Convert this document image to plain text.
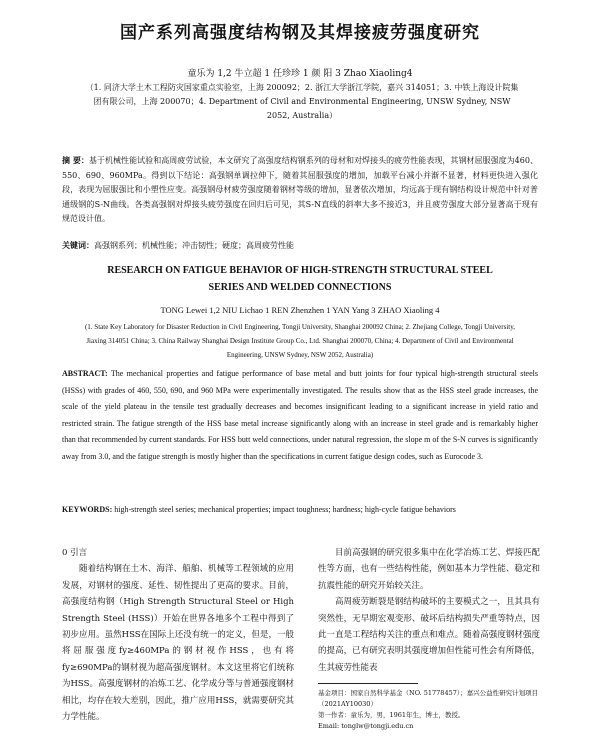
国产系列高强度结构钢及其焊接疲劳强度研究
童乐为 1,2 牛立超 1 任珍珍 1 颜 阳 3 Zhao Xiaoling4
（1. 同济大学土木工程防灾国家重点实验室，上海 200092；2. 浙江大学浙江学院，嘉兴 314051；3. 中铁上海设计院集团有限公司，上海 200070；4. Department of Civil and Environmental Engineering, UNSW Sydney, NSW 2052, Australia）
摘 要：基于机械性能试验和高周疲劳试验，本文研究了高强度结构钢系列的母材和对焊接头的疲劳性能表现，其钢材屈服强度为460、550、690、960MPa。得到以下结论：高强钢单调拉伸下，随着其屈服强度的增加，加载平台减小并渐不显著，材料更快进入强化段，表现为屈服强比和小塑性应变。高强钢母材疲劳强度随着钢材等级的增加，显著依次增加，均远高于现有钢结构设计规范中针对普通级钢的S-N曲线。各类高强钢对焊接头疲劳强度在回归后可见，其S-N直线的斜率大多不接近3，并且疲劳强度大部分显著高于现有规范设计值。
关键词：高强钢系列；机械性能；冲击韧性；硬度；高周疲劳性能
RESEARCH ON FATIGUE BEHAVIOR OF HIGH-STRENGTH STRUCTURAL STEEL SERIES AND WELDED CONNECTIONS
TONG Lewei 1,2 NIU Lichao 1 REN Zhenzhen 1 YAN Yang 3 ZHAO Xiaoling 4
(1. State Key Laboratory for Disaster Reduction in Civil Engineering, Tongji University, Shanghai 200092 China; 2. Zhejiang College, Tongji University, Jiaxing 314051 China; 3. China Railway Shanghai Design Institute Group Co., Ltd. Shanghai 200070, China; 4. Department of Civil and Environmental Engineering, UNSW Sydney, NSW 2052, Australia)
ABSTRACT: The mechanical properties and fatigue performance of base metal and butt joints for four typical high-strength structural steels (HSSs) with grades of 460, 550, 690, and 960 MPa were experimentally investigated. The results show that as the HSS steel grade increases, the scale of the yield plateau in the tensile test gradually decreases and becomes insignificant leading to a significant increase in yield ratio and restricted strain. The fatigue strength of the HSS base metal increase significantly along with an increase in steel grade and is remarkably higher than that recommended by current standards. For HSS butt weld connections, under natural regression, the slope m of the S-N curves is significantly away from 3.0, and the fatigue strength is mostly higher than the specifications in current fatigue design codes, such as Eurocode 3.
KEYWORDS: high-strength steel series; mechanical properties; impact toughness; hardness; high-cycle fatigue behaviors
0 引言
随着结构钢在土木、海洋、船舶、机械等工程领域的应用发展，对钢材的强度、延性、韧性提出了更高的要求。目前，高强度结构钢（High Strength Structural Steel or High Strength Steel (HSS)）开始在世界各地多个工程中得到了初步应用。虽然HSS在国际上还没有统一的定义，但是，一般将屈服强度fy≥460MPa的钢材视作HSS，也有将fy≥690MPa的钢材视为超高强度钢材。本文这里将它们统称为HSS。高强度钢材的冶炼工艺、化学成分等与普通强度钢材相比，均存在较大差别，因此，推广应用HSS，就需要研究其力学性能。
目前高强钢的研究很多集中在化学冶炼工艺、焊接匹配性等方面，也有一些结构性能，例如基本力学性能、稳定和抗震性能的研究开始较关注。
高周疲劳断裂是钢结构破坏的主要模式之一，且其具有突然性，无早期宏观变形、破坏后结构损失严重等特点，因此一直是工程结构关注的重点和难点。随着高强度钢材强度的提高，已有研究表明其强度增加但性能可性会有所降低，生其疲劳性能表
基金项目：国家自然科学基金（NO. 51778457）；嘉兴公益性研究计划项目（2021AY10030）
第一作者：童乐为，男，1961年生，博士，教授。
Email: tonglw@tongji.edu.cn
